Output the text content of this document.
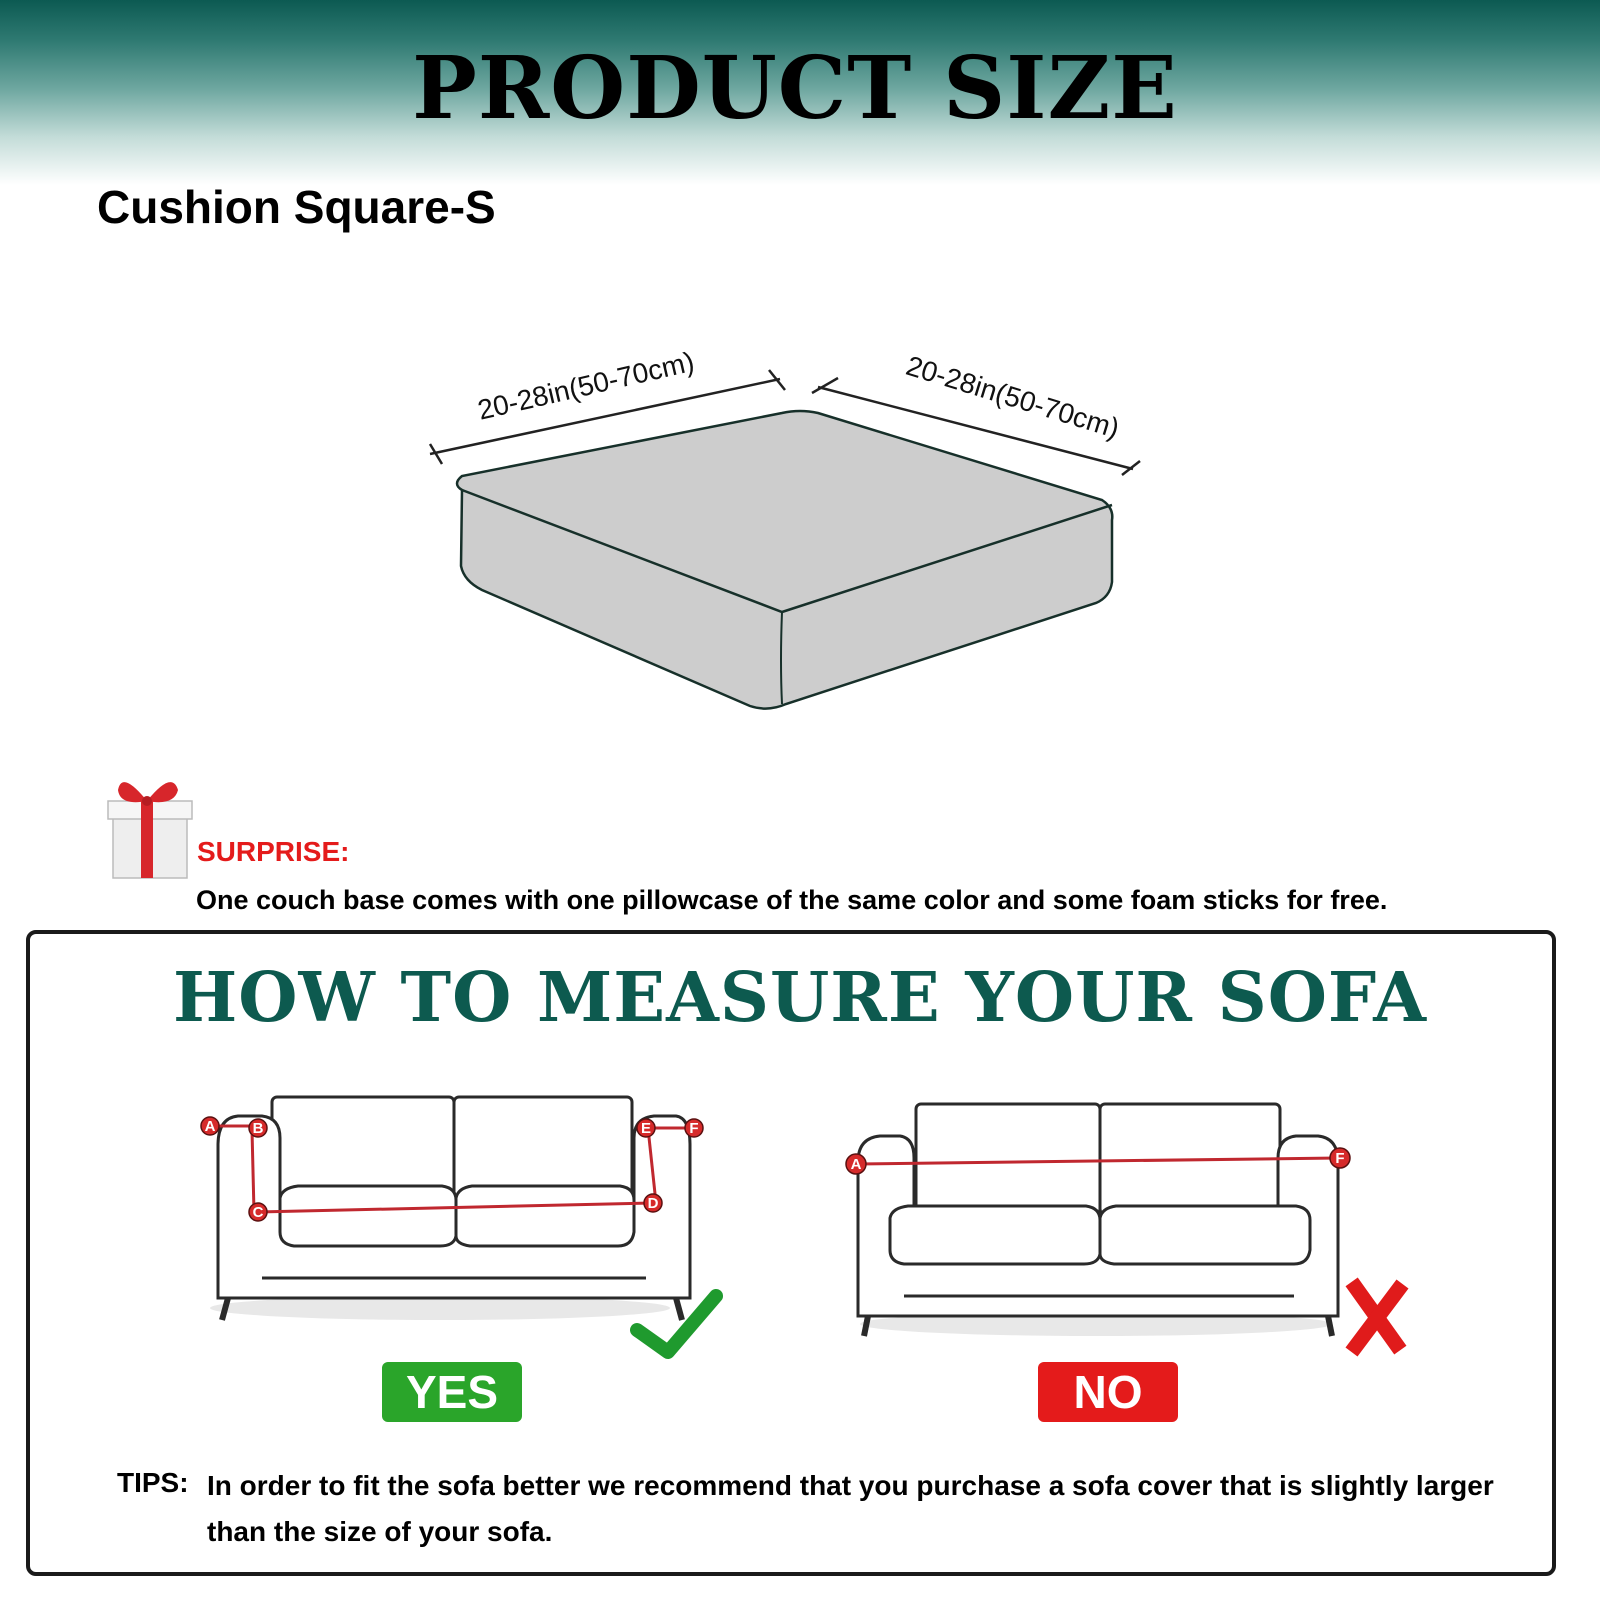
PRODUCT SIZE
Cushion Square-S
20-28in(50-70cm)	20-28in(50-70cm)
A B
C
D
E	F
A	F
SURPRISE:
One couch base comes with one pillowcase of the same color and some foam sticks for free.
HOW TO MEASURE YOUR SOFA
YES	NO
TIPS: In order to fit the sofa better we recommend that you purchase a sofa cover that is slightly larger than the size of your sofa.
